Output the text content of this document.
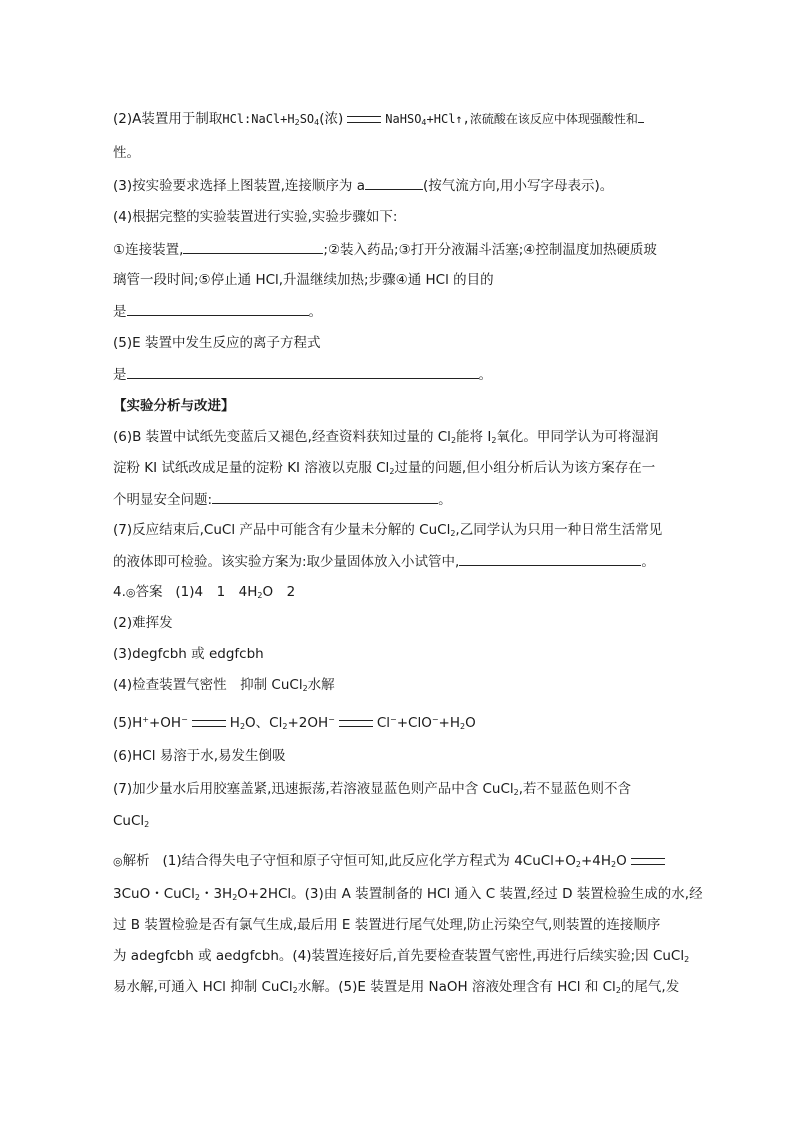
(2)A装置用于制取$HCl:NaCl+H_2SO_4$(浓)	NaHSO$_4$+HCl↑,浓硫酸在该反应中体现强酸性和
性。
(3)按实验要求选择上图装置,连接顺序为 a	(按气流方向,用小写字母表示)。
(4)根据完整的实验装置进行实验,实验步骤如下:
①连接装置,	;②装入药品;③打开分液漏斗活塞;④控制温度加热硬质玻
璃管一段时间;⑤停止通 HCl,升温继续加热;步骤④通 HCl 的目的
是	。
(5)E 装置中发生反应的离子方程式
是	。
【实验分析与改进】
(6)B 装置中试纸先变蓝后又褪色,经查资料获知过量的 $Cl_2$能将 $I_2$氧化。甲同学认为可将湿润
淀粉 KI 试纸改成足量的淀粉 KI 溶液以克服 $Cl_2$过量的问题,但小组分析后认为该方案存在一
个明显安全问题:	。
(7)反应结束后,CuCl 产品中可能含有少量未分解的 CuCl$_2$,乙同学认为只用一种日常生活常见
的液体即可检验。该实验方案为:取少量固体放入小试管中,	。
4.◎答案 (1)4　1　$4H_2O$　2
(2)难挥发
(3)degfcbh 或 edgfcbh
(4)检查装置气密性　抑制 CuCl$_2$水解
(5)H++OH−	$H_2O$、$Cl_2+2OH^-$	$Cl^-+ClO^-+H_2O$
(6)HCl 易溶于水,易发生倒吸
(7)加少量水后用胶塞盖紧,迅速振荡,若溶液显蓝色则产品中含 CuCl$_2$,若不显蓝色则不含
CuCl$_2$
◎解析 (1)结合得失电子守恒和原子守恒可知,此反应化学方程式为 $4CuCl+O_2+4H_2O$
3CuO・CuCl$_2$・$3H_2O+2HCl$。(3)由 A 装置制备的 HCl 通入 C 装置,经过 D 装置检验生成的水,经
过 B 装置检验是否有氯气生成,最后用 E 装置进行尾气处理,防止污染空气,则装置的连接顺序
为 adegfcbh 或 aedgfcbh。(4)装置连接好后,首先要检查装置气密性,再进行后续实验;因 CuCl$_2$
易水解,可通入 HCl 抑制 CuCl$_2$水解。(5)E 装置是用 NaOH 溶液处理含有 HCl 和 $Cl_2$的尾气,发
